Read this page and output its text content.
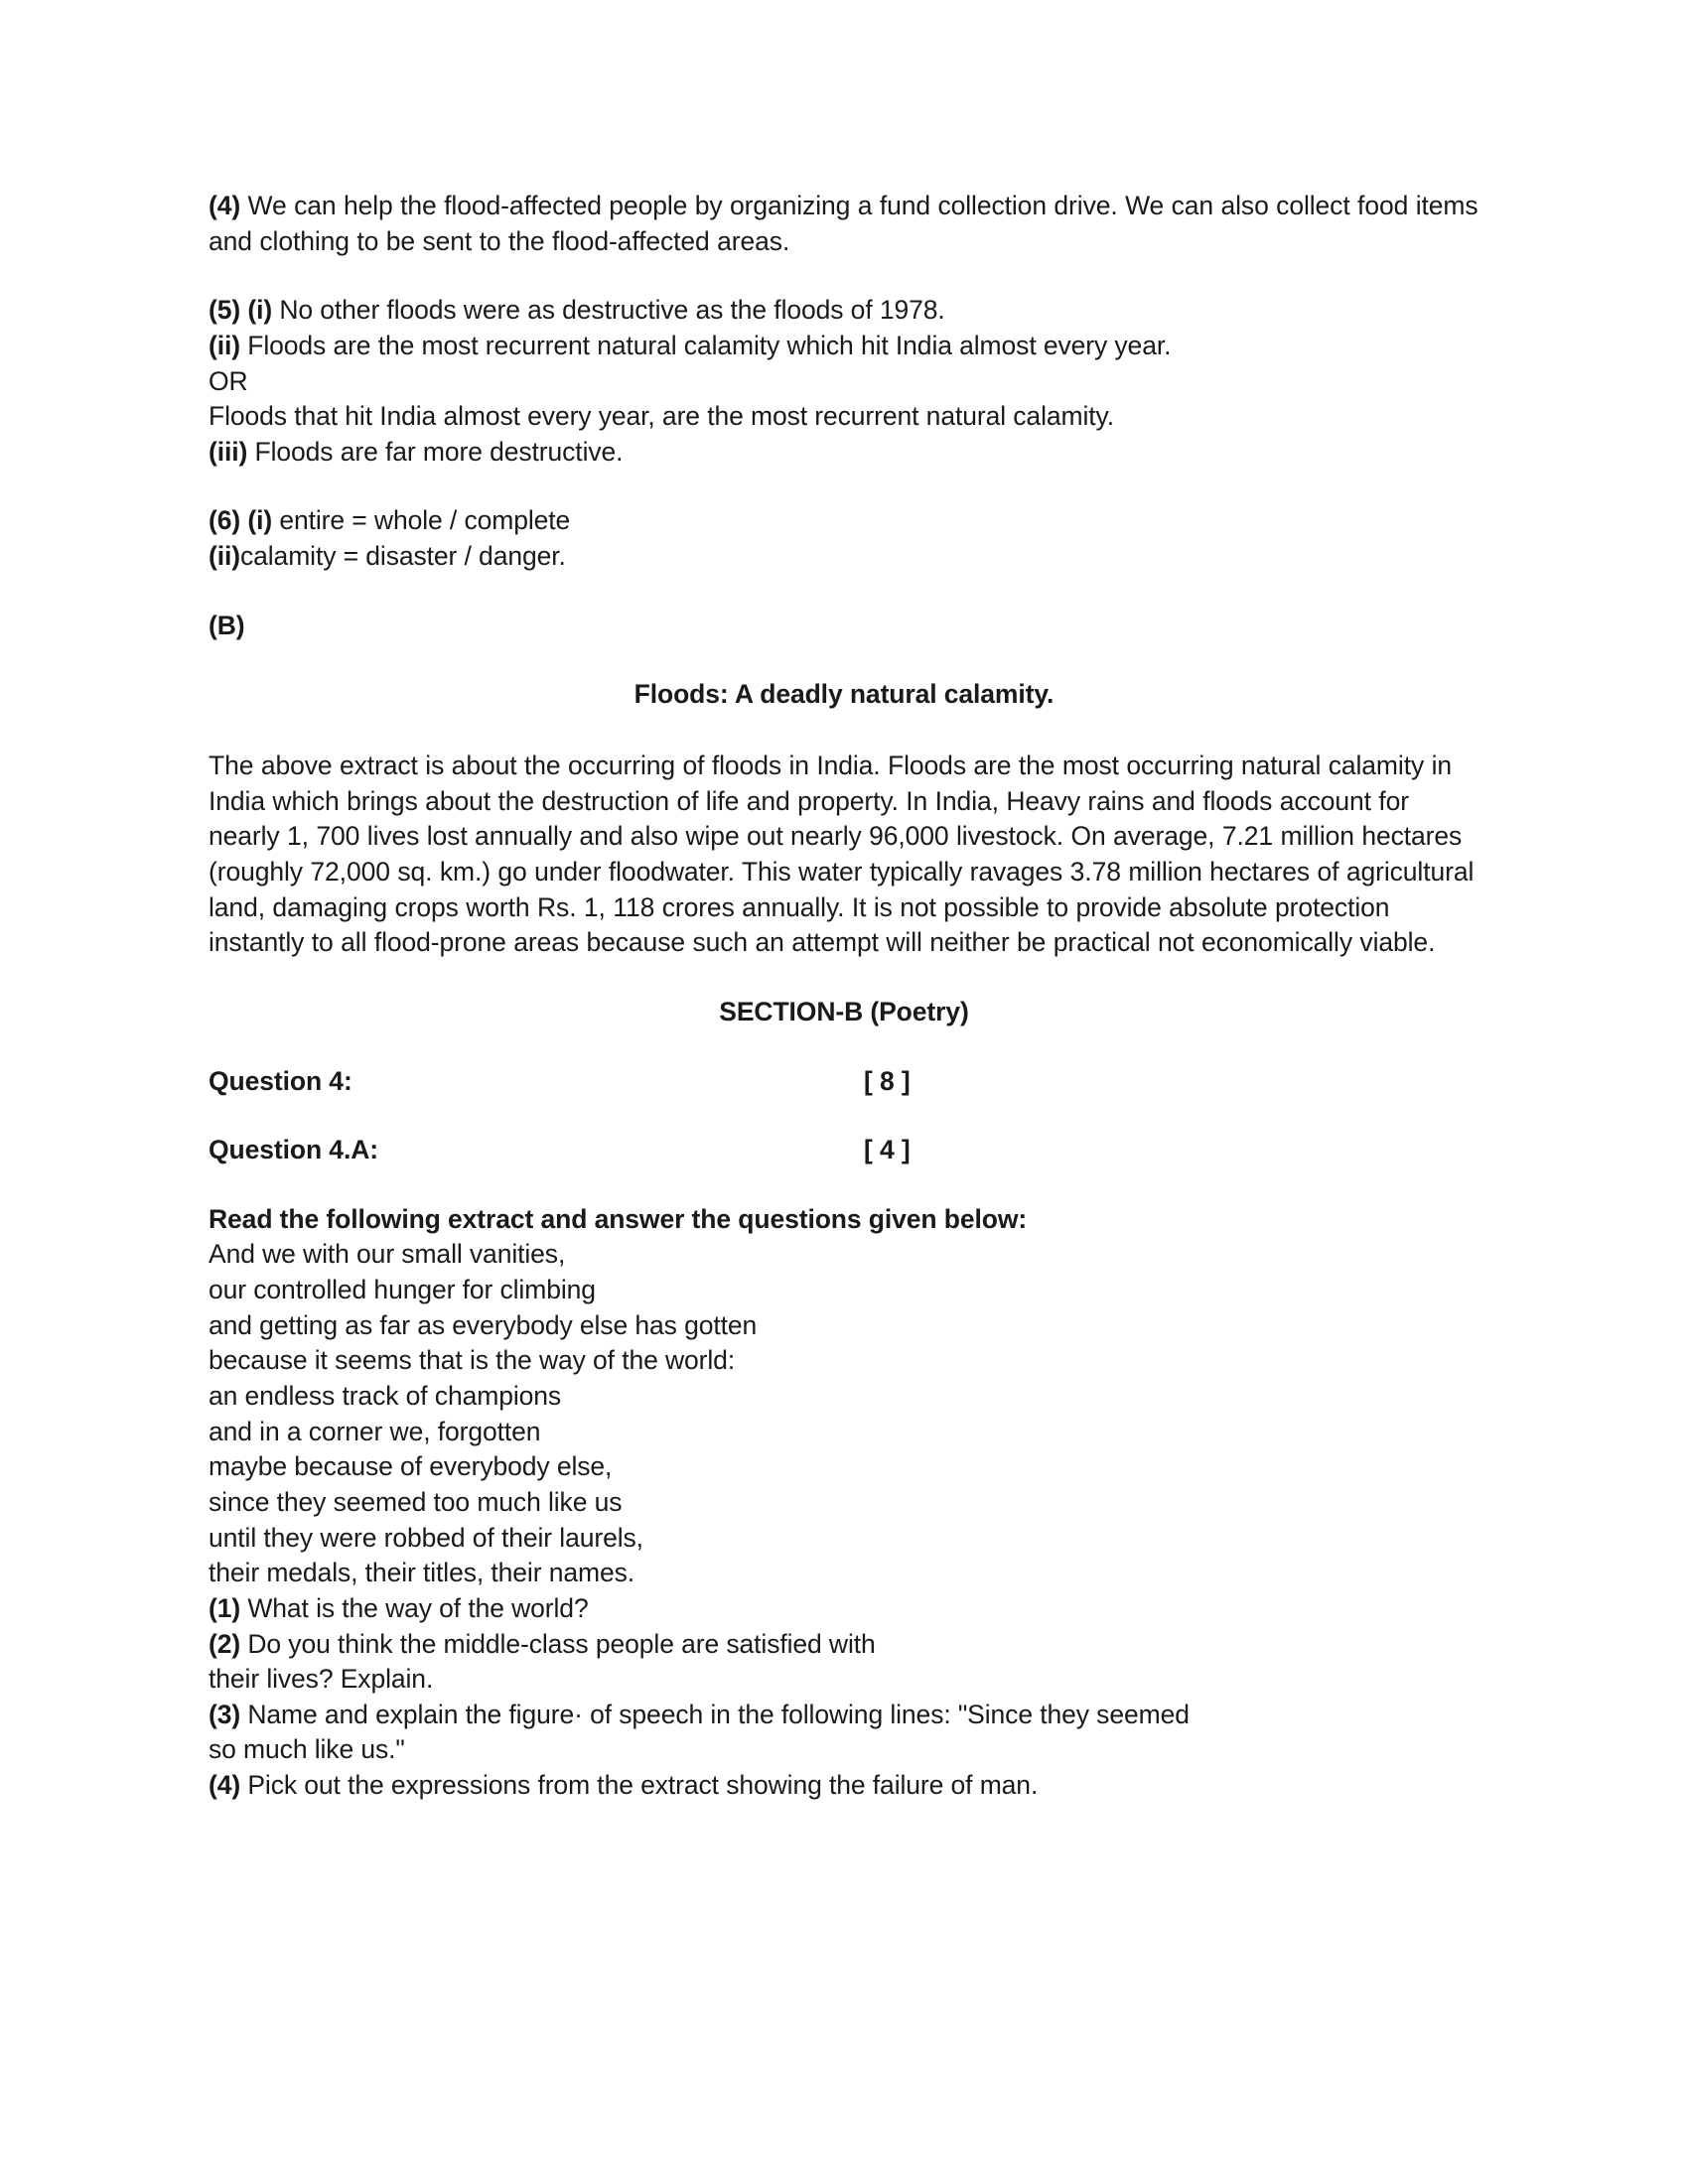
(4) We can help the flood-affected people by organizing a fund collection drive. We can also collect food items and clothing to be sent to the flood-affected areas.

(5) (i) No other floods were as destructive as the floods of 1978.

(ii) Floods are the most recurrent natural calamity which hit India almost every year.

OR

Floods that hit India almost every year, are the most recurrent natural calamity.

(iii) Floods are far more destructive.

(6) (i) entire = whole / complete

(ii)calamity = disaster / danger.

(B)

Floods: A deadly natural calamity.

The above extract is about the occurring of floods in India. Floods are the most occurring natural calamity in India which brings about the destruction of life and property. In India, Heavy rains and floods account for nearly 1, 700 lives lost annually and also wipe out nearly 96,000 livestock. On average, 7.21 million hectares (roughly 72,000 sq. km.) go under floodwater. This water typically ravages 3.78 million hectares of agricultural land, damaging crops worth Rs. 1, 118 crores annually. It is not possible to provide absolute protection instantly to all flood-prone areas because such an attempt will neither be practical not economically viable.

SECTION-B (Poetry)

Question 4:	[ 8 ]
Question 4.A:	[ 4 ]

Read the following extract and answer the questions given below:

And we with our small vanities,

our controlled hunger for climbing

and getting as far as everybody else has gotten

because it seems that is the way of the world:

an endless track of champions

and in a corner we, forgotten

maybe because of everybody else,

since they seemed too much like us

until they were robbed of their laurels,

their medals, their titles, their names.

(1) What is the way of the world?

(2) Do you think the middle-class people are satisfied with

their lives? Explain.

(3) Name and explain the figure· of speech in the following lines: "Since they seemed

so much like us."

(4) Pick out the expressions from the extract showing the failure of man.
